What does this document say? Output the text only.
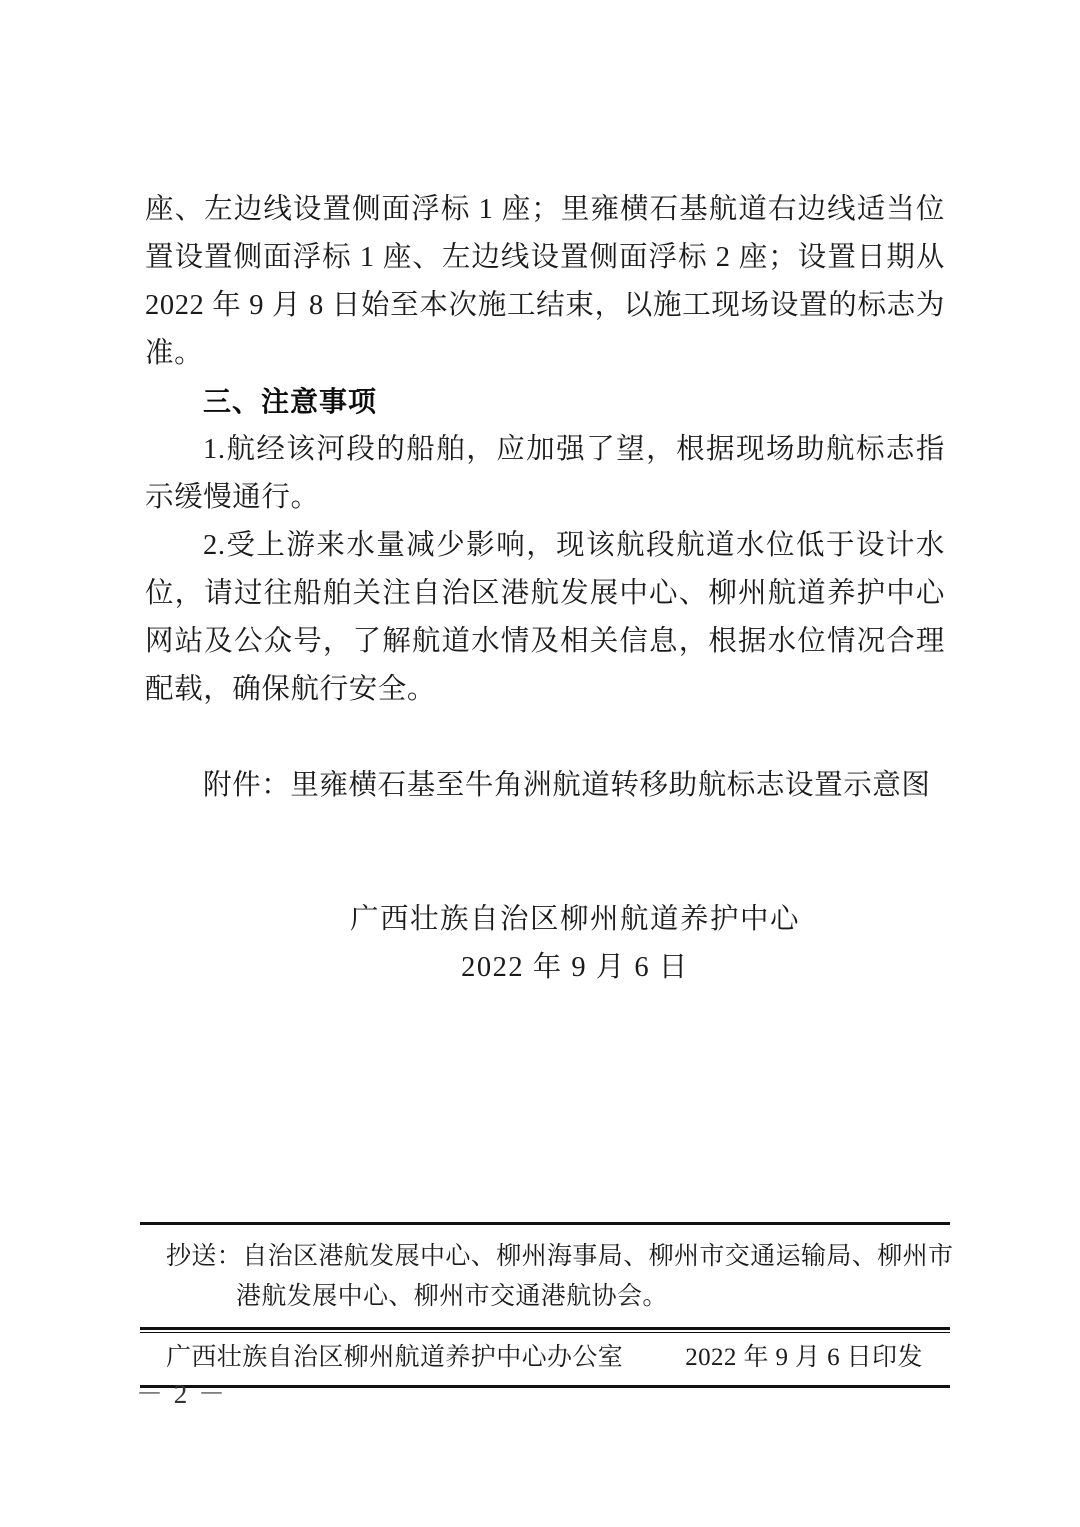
座、左边线设置侧面浮标 1 座；里雍横石基航道右边线适当位置设置侧面浮标 1 座、左边线设置侧面浮标 2 座；设置日期从 2022 年 9 月 8 日始至本次施工结束，以施工现场设置的标志为准。

三、注意事项

1.航经该河段的船舶，应加强了望，根据现场助航标志指示缓慢通行。

2.受上游来水量减少影响，现该航段航道水位低于设计水位，请过往船舶关注自治区港航发展中心、柳州航道养护中心网站及公众号，了解航道水情及相关信息，根据水位情况合理配载，确保航行安全。

附件：里雍横石基至牛角洲航道转移助航标志设置示意图
广西壮族自治区柳州航道养护中心
2022 年 9 月 6 日
抄送：自治区港航发展中心、柳州海事局、柳州市交通运输局、柳州市
港航发展中心、柳州市交通港航协会。
广西壮族自治区柳州航道养护中心办公室 2022 年 9 月 6 日印发
－ 2 －
